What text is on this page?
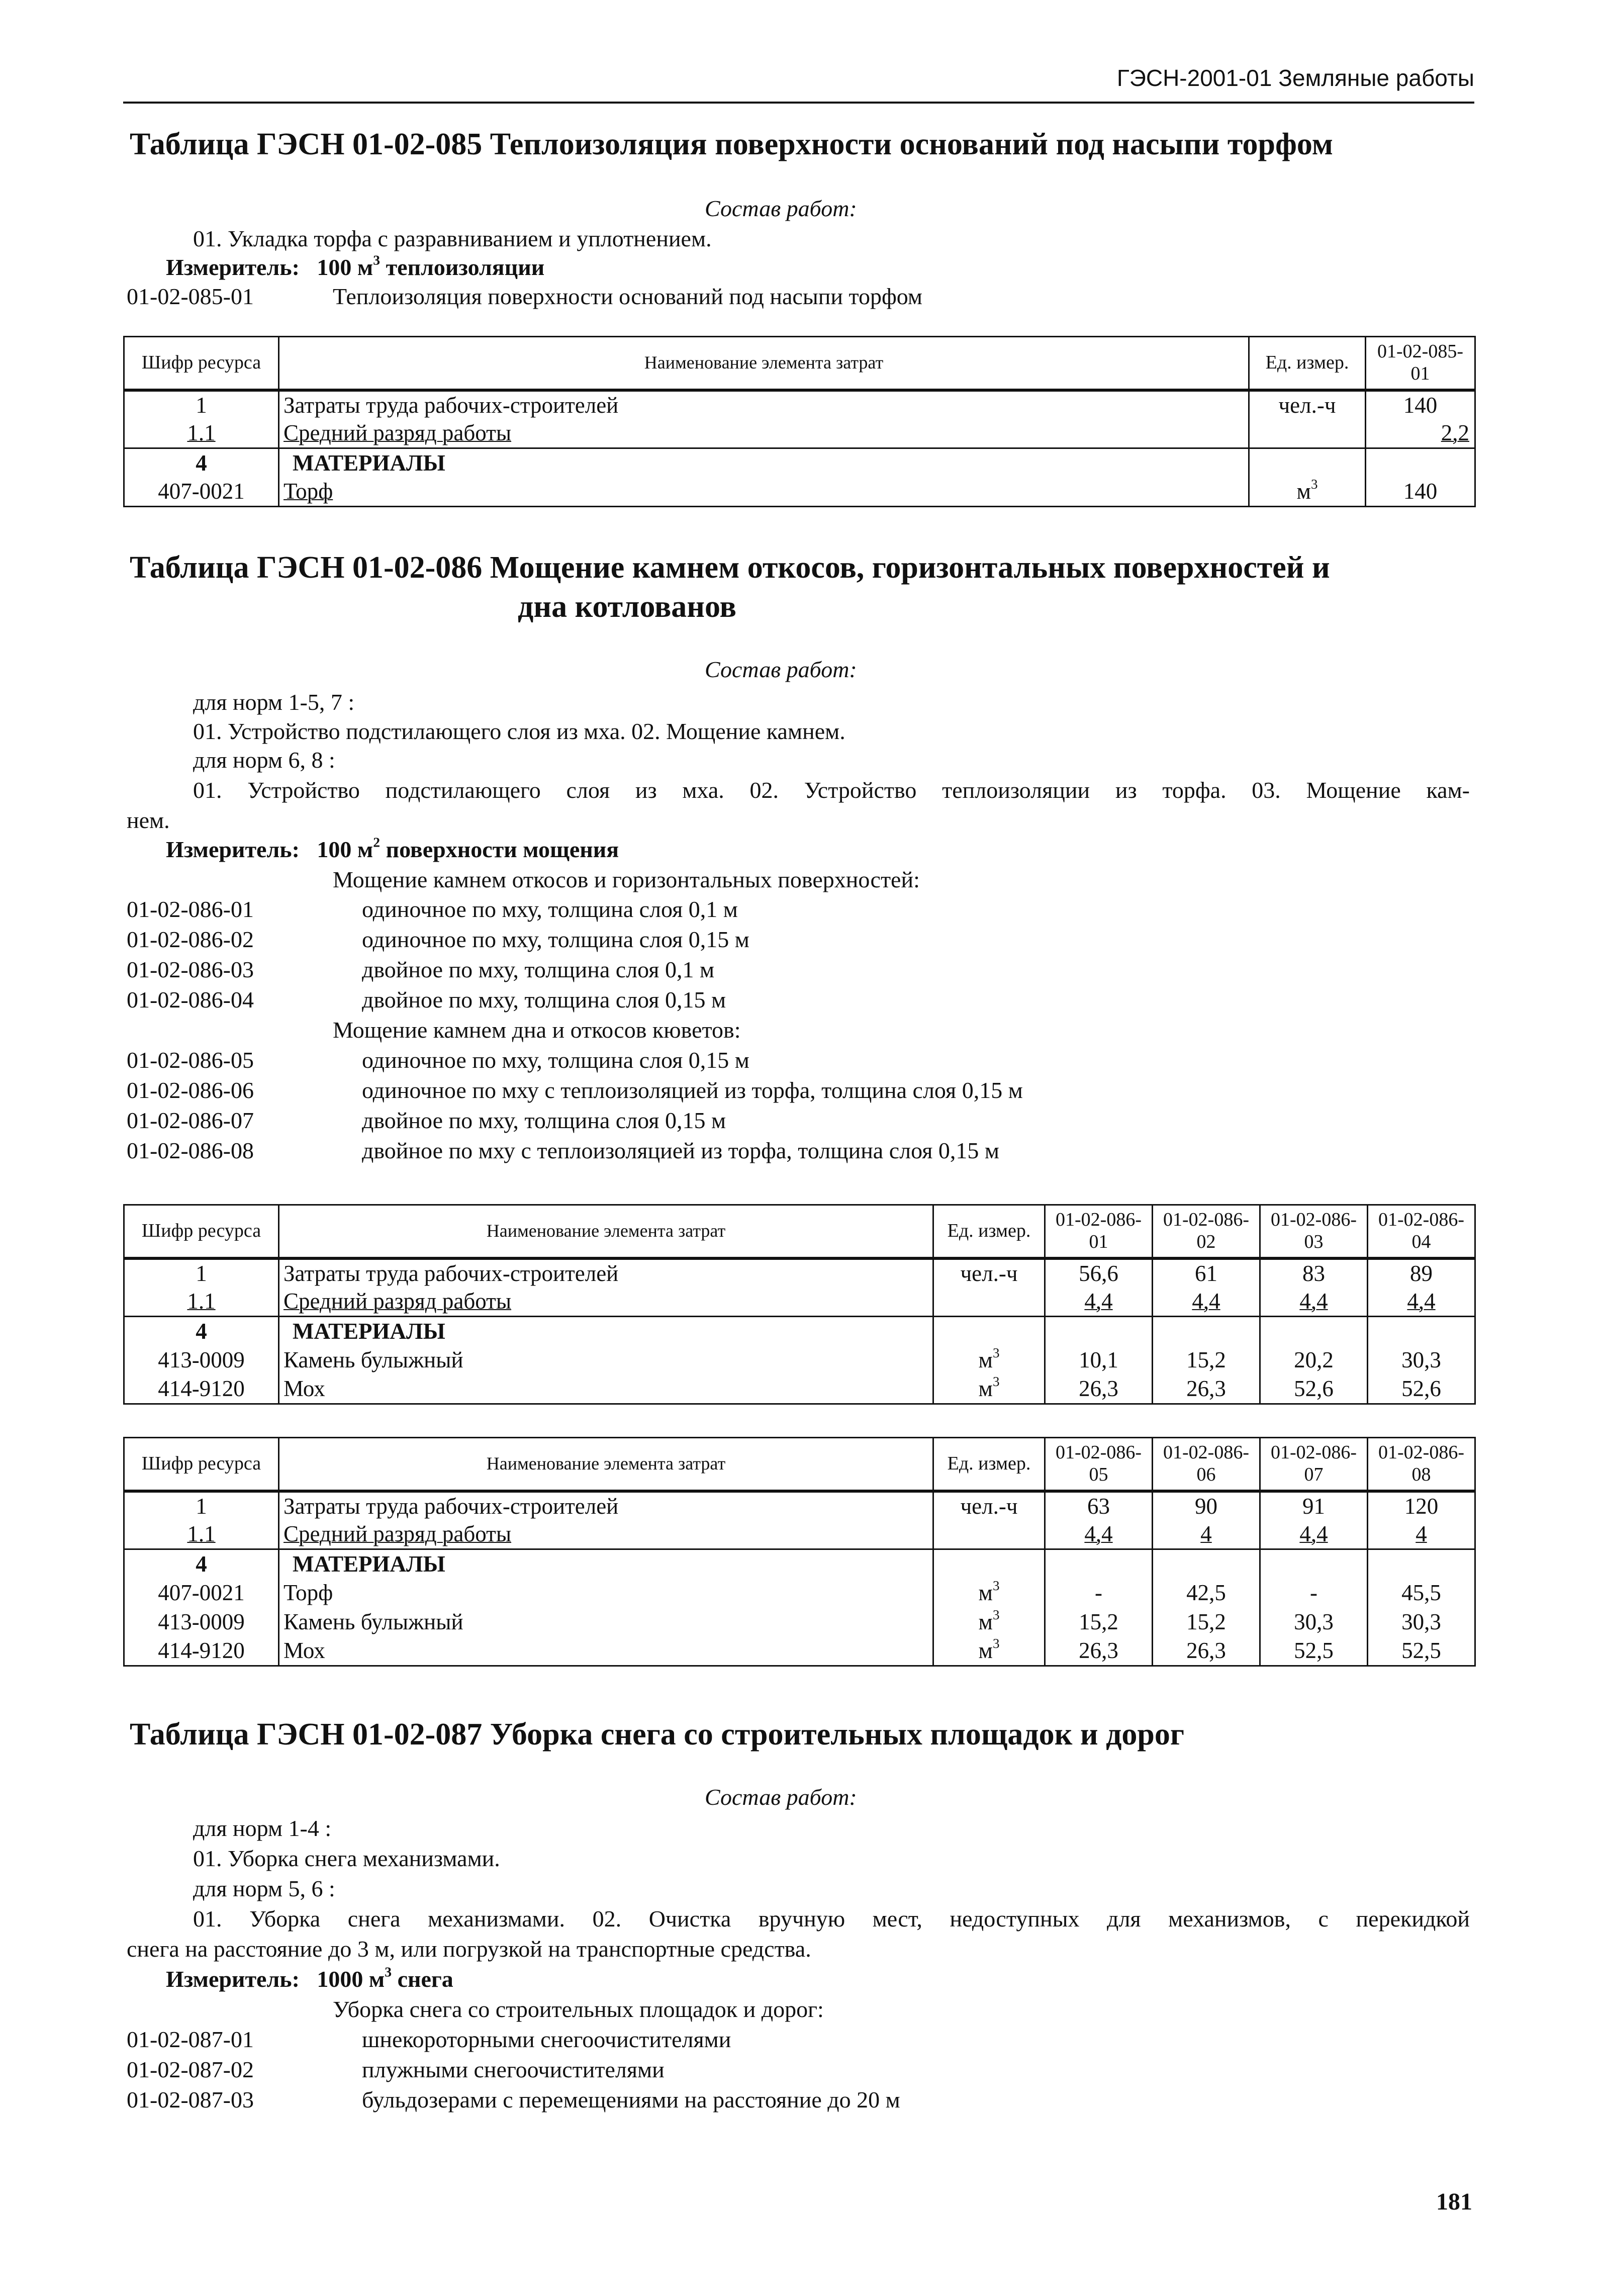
ГЭСН-2001-01 Земляные работы
Таблица ГЭСН 01-02-085 Теплоизоляция поверхности оснований под насыпи торфом
Состав работ:
01. Укладка торфа с разравниванием и уплотнением.
Измеритель: 100 $м^3$ теплоизоляции
01-02-085-01	Теплоизоляция поверхности оснований под насыпи торфом
Шифр ресурса	Наименование элемента затрат	Ед. измер.	01-02-085-01
1	Затраты труда рабочих-строителей	чел.-ч	140
1.1	Средний разряд работы		2,2
4	МАТЕРИАЛЫ		
407-0021	Торф	$м^3$	140
Таблица ГЭСН 01-02-086 Мощение камнем откосов, горизонтальных поверхностей и
дна котлованов
Состав работ:
для норм 1-5, 7 :
01. Устройство подстилающего слоя из мха. 02. Мощение камнем.
для норм 6, 8 :
01. Устройство подстилающего слоя из мха. 02. Устройство теплоизоляции из торфа. 03. Мощение кам-
нем.
Измеритель: 100 $м^2$ поверхности мощения
Мощение камнем откосов и горизонтальных поверхностей:
01-02-086-01	одиночное по мху, толщина слоя 0,1 м
01-02-086-02	одиночное по мху, толщина слоя 0,15 м
01-02-086-03	двойное по мху, толщина слоя 0,1 м
01-02-086-04	двойное по мху, толщина слоя 0,15 м
Мощение камнем дна и откосов кюветов:
01-02-086-05	одиночное по мху, толщина слоя 0,15 м
01-02-086-06	одиночное по мху с теплоизоляцией из торфа, толщина слоя 0,15 м
01-02-086-07	двойное по мху, толщина слоя 0,15 м
01-02-086-08	двойное по мху с теплоизоляцией из торфа, толщина слоя 0,15 м
Шифр ресурса	Наименование элемента затрат	Ед. измер.	01-02-086-01	01-02-086-02	01-02-086-03	01-02-086-04
1	Затраты труда рабочих-строителей	чел.-ч	56,6	61	83	89
1.1	Средний разряд работы		4,4	4,4	4,4	4,4
4	МАТЕРИАЛЫ					
413-0009	Камень булыжный	$м^3$	10,1	15,2	20,2	30,3
414-9120	Мох	$м^3$	26,3	26,3	52,6	52,6
Шифр ресурса	Наименование элемента затрат	Ед. измер.	01-02-086-05	01-02-086-06	01-02-086-07	01-02-086-08
1	Затраты труда рабочих-строителей	чел.-ч	63	90	91	120
1.1	Средний разряд работы		4,4	4	4,4	4
4	МАТЕРИАЛЫ					
407-0021	Торф	$м^3$	-	42,5	-	45,5
413-0009	Камень булыжный	$м^3$	15,2	15,2	30,3	30,3
414-9120	Мох	$м^3$	26,3	26,3	52,5	52,5
Таблица ГЭСН 01-02-087 Уборка снега со строительных площадок и дорог
Состав работ:
для норм 1-4 :
01. Уборка снега механизмами.
для норм 5, 6 :
01. Уборка снега механизмами. 02. Очистка вручную мест, недоступных для механизмов, с перекидкой
снега на расстояние до 3 м, или погрузкой на транспортные средства.
Измеритель: 1000 $м^3$ снега
Уборка снега со строительных площадок и дорог:
01-02-087-01	шнекороторными снегоочистителями
01-02-087-02	плужными снегоочистителями
01-02-087-03	бульдозерами с перемещениями на расстояние до 20 м
181
